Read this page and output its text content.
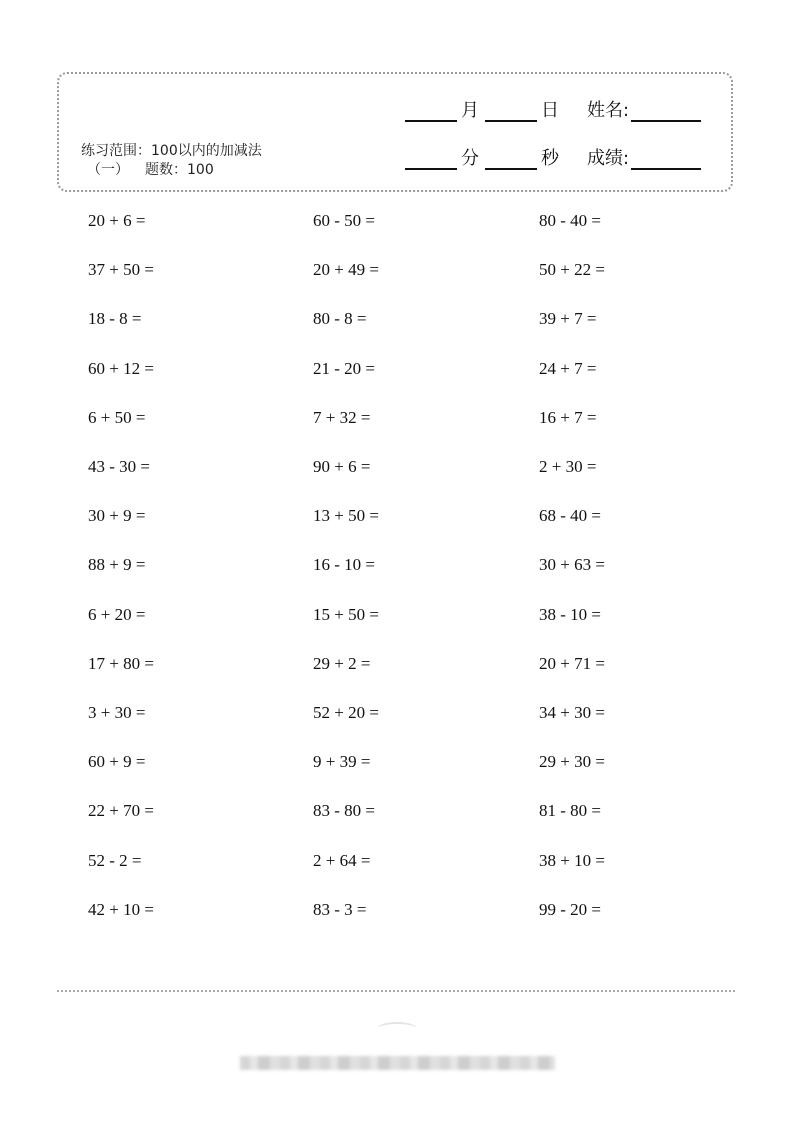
月	日	姓名:
分	秒	成绩:
练习范围：100以内的加减法
（一） 题数：100
20 + 6 =	60 - 50 =	80 - 40 =
37 + 50 =	20 + 49 =	50 + 22 =
18 - 8 =	80 - 8 =	39 + 7 =
60 + 12 =	21 - 20 =	24 + 7 =
6 + 50 =	7 + 32 =	16 + 7 =
43 - 30 =	90 + 6 =	2 + 30 =
30 + 9 =	13 + 50 =	68 - 40 =
88 + 9 =	16 - 10 =	30 + 63 =
6 + 20 =	15 + 50 =	38 - 10 =
17 + 80 =	29 + 2 =	20 + 71 =
3 + 30 =	52 + 20 =	34 + 30 =
60 + 9 =	9 + 39 =	29 + 30 =
22 + 70 =	83 - 80 =	81 - 80 =
52 - 2 =	2 + 64 =	38 + 10 =
42 + 10 =	83 - 3 =	99 - 20 =
